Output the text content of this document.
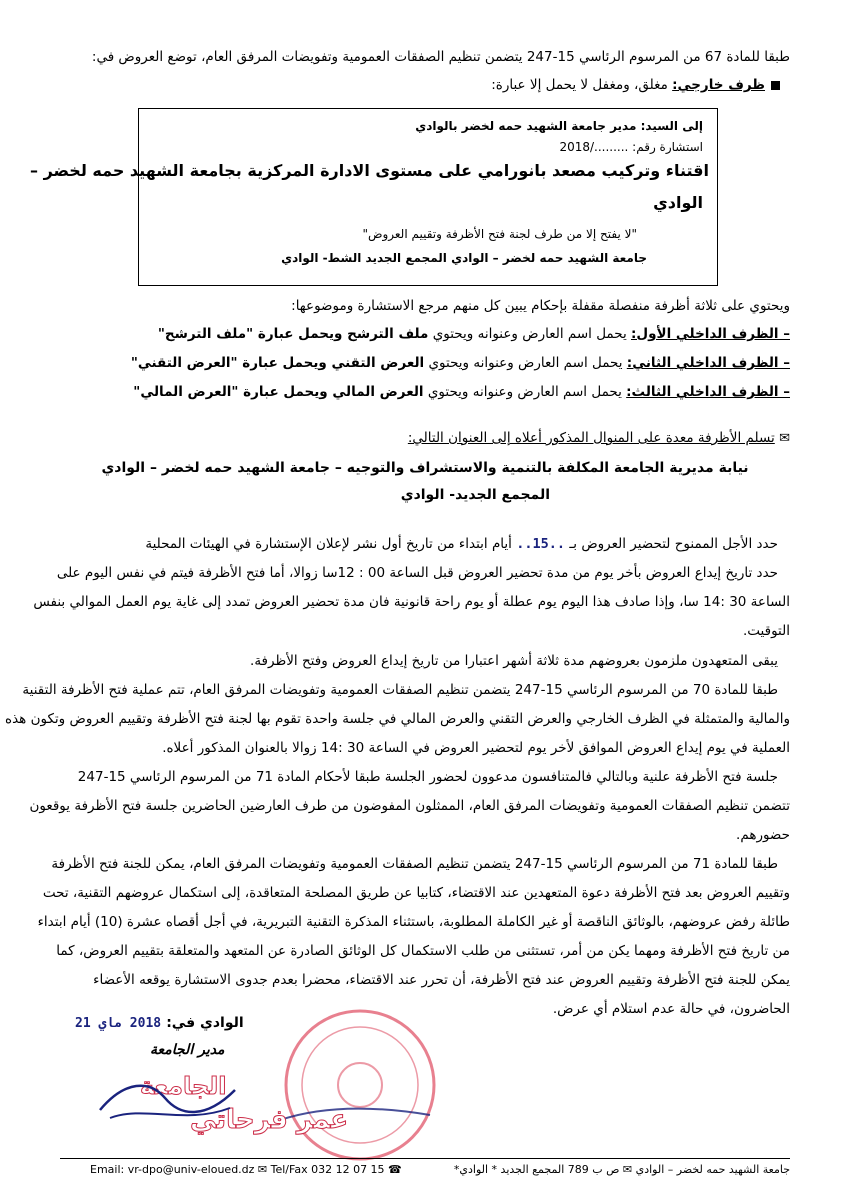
طبقا للمادة 67 من المرسوم الرئاسي 15-247 يتضمن تنظيم الصفقات العمومية وتفويضات المرفق العام، توضع العروض في:
ظرف خارجي: مغلق، ومغفل لا يحمل إلا عبارة:
إلى السيد: مدير جامعة الشهيد حمه لخضر بالوادي
استشارة رقم: ........./2018
اقتناء وتركيب مصعد بانورامي على مستوى الادارة المركزية بجامعة الشهيد حمه لخضر –
الوادي
"لا يفتح إلا من طرف لجنة فتح الأظرفة وتقييم العروض"
جامعة الشهيد حمه لخضر – الوادي المجمع الجديد الشط- الوادي
ويحتوي على ثلاثة أظرفة منفصلة مقفلة بإحكام يبين كل منهم مرجع الاستشارة وموضوعها:
– الظرف الداخلي الأول: يحمل اسم العارض وعنوانه ويحتوي ملف الترشح ويحمل عبارة "ملف الترشح"
– الظرف الداخلي الثاني: يحمل اسم العارض وعنوانه ويحتوي العرض التقني ويحمل عبارة "العرض التقني"
– الظرف الداخلي الثالث: يحمل اسم العارض وعنوانه ويحتوي العرض المالي ويحمل عبارة "العرض المالي"
✉ تسلم الأظرفة معدة على المنوال المذكور أعلاه إلى العنوان التالي:
نيابة مديرية الجامعة المكلفة بالتنمية والاستشراف والتوجيه – جامعة الشهيد حمه لخضر – الوادي
المجمع الجديد- الوادي
حدد الأجل الممنوح لتحضير العروض بـ ..15.. أيام ابتداء من تاريخ أول نشر لإعلان الإستشارة في الهيئات المحلية
حدد تاريخ إيداع العروض بأخر يوم من مدة تحضير العروض قبل الساعة 00 : 12سا زوالا، أما فتح الأظرفة فيتم في نفس اليوم على
الساعة 30 :14 سا، وإذا صادف هذا اليوم يوم عطلة أو يوم راحة قانونية فان مدة تحضير العروض تمدد إلى غاية يوم العمل الموالي بنفس
التوقيت.
يبقى المتعهدون ملزمون بعروضهم مدة ثلاثة أشهر اعتبارا من تاريخ إيداع العروض وفتح الأظرفة.
طبقا للمادة 70 من المرسوم الرئاسي 15-247 يتضمن تنظيم الصفقات العمومية وتفويضات المرفق العام، تتم عملية فتح الأظرفة التقنية
والمالية والمتمثلة في الظرف الخارجي والعرض التقني والعرض المالي في جلسة واحدة تقوم بها لجنة فتح الأظرفة وتقييم العروض وتكون هذه
العملية في يوم إيداع العروض الموافق لأخر يوم لتحضير العروض في الساعة 30 :14 زوالا بالعنوان المذكور أعلاه.
جلسة فتح الأظرفة علنية وبالتالي فالمتنافسون مدعوون لحضور الجلسة طبقا لأحكام المادة 71 من المرسوم الرئاسي 15-247
تتضمن تنظيم الصفقات العمومية وتفويضات المرفق العام، الممثلون المفوضون من طرف العارضين الحاضرين جلسة فتح الأظرفة يوقعون
حضورهم.
طبقا للمادة 71 من المرسوم الرئاسي 15-247 يتضمن تنظيم الصفقات العمومية وتفويضات المرفق العام، يمكن للجنة فتح الأظرفة
وتقييم العروض بعد فتح الأظرفة دعوة المتعهدين عند الاقتضاء، كتابيا عن طريق المصلحة المتعاقدة، إلى استكمال عروضهم التقنية، تحت
طائلة رفض عروضهم، بالوثائق الناقصة أو غير الكاملة المطلوبة، باستثناء المذكرة التقنية التبريرية، في أجل أقصاه عشرة (10) أيام ابتداء
من تاريخ فتح الأظرفة ومهما يكن من أمر، تستثنى من طلب الاستكمال كل الوثائق الصادرة عن المتعهد والمتعلقة بتقييم العروض، كما
يمكن للجنة فتح الأظرفة وتقييم العروض عند فتح الأظرفة، أن تحرر عند الاقتضاء، محضرا بعدم جدوى الاستشارة يوقعه الأعضاء
الحاضرون، في حالة عدم استلام أي عرض.
الوادي في: 2018 ماي 21
مدير الجامعة
الجامعة
عمر فرحاتي
جامعة الشهيد حمه لخضر – الوادي ✉ ص ب 789 المجمع الجديد * الوادي*
Email: vr-dpo@univ-eloued.dz ✉ Tel/Fax 032 12 07 15 ☎
